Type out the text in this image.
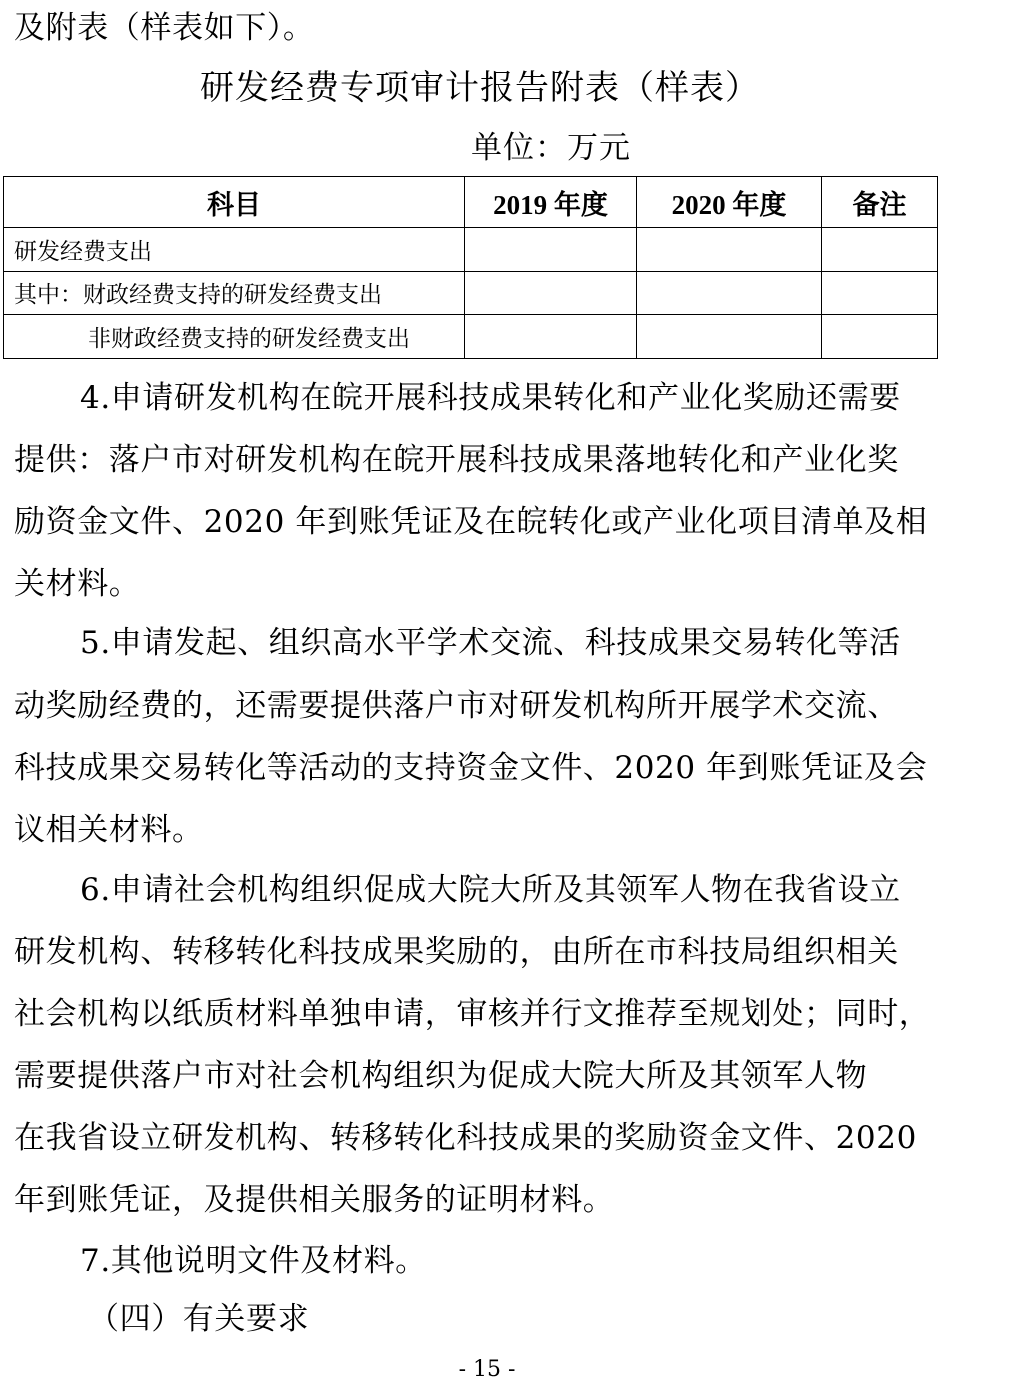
及附表（样表如下）。
研发经费专项审计报告附表（样表）
单位：万元
科目	2019 年度	2020 年度	备注
研发经费支出			
其中：财政经费支持的研发经费支出			
非财政经费支持的研发经费支出			
4.申请研发机构在皖开展科技成果转化和产业化奖励还需要
提供：落户市对研发机构在皖开展科技成果落地转化和产业化奖
励资金文件、2020 年到账凭证及在皖转化或产业化项目清单及相
关材料。
5.申请发起、组织高水平学术交流、科技成果交易转化等活
动奖励经费的，还需要提供落户市对研发机构所开展学术交流、
科技成果交易转化等活动的支持资金文件、2020 年到账凭证及会
议相关材料。
6.申请社会机构组织促成大院大所及其领军人物在我省设立
研发机构、转移转化科技成果奖励的，由所在市科技局组织相关
社会机构以纸质材料单独申请，审核并行文推荐至规划处；同时，
需要提供落户市对社会机构组织为促成大院大所及其领军人物
在我省设立研发机构、转移转化科技成果的奖励资金文件、2020
年到账凭证，及提供相关服务的证明材料。
7.其他说明文件及材料。
（四）有关要求
- 15 -
